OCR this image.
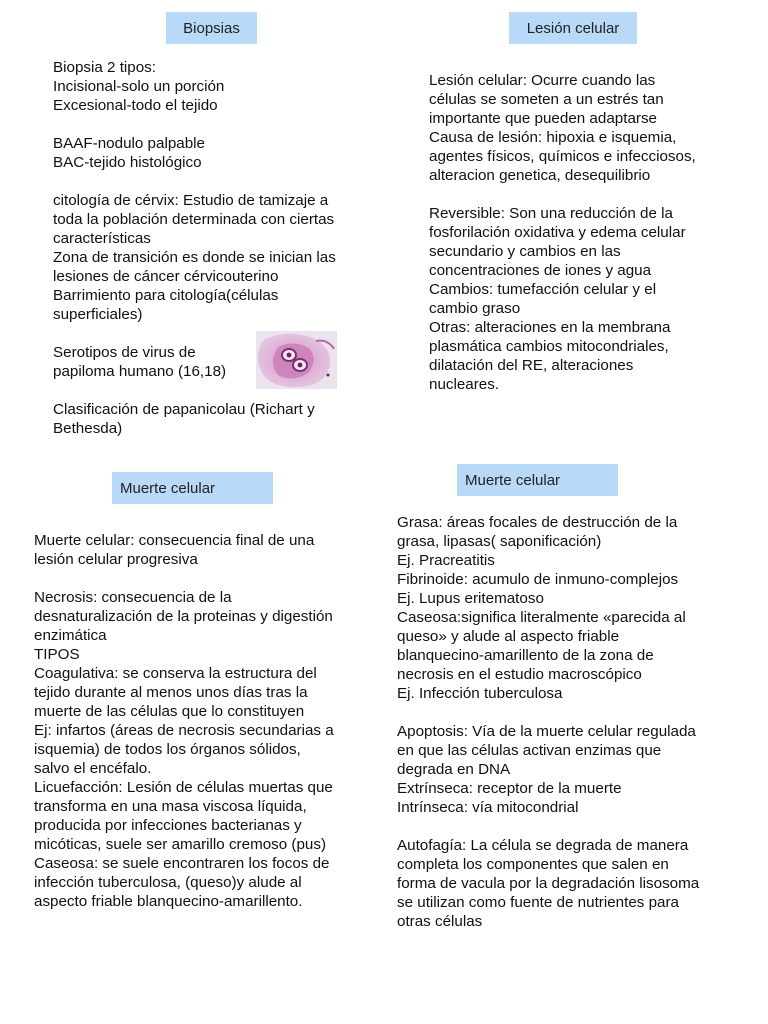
Biopsias	Lesión celular
Muerte celular	Muerte celular
Biopsia 2 tipos:
Incisional-solo un porción
Excesional-todo el tejido

BAAF-nodulo palpable
BAC-tejido histológico

citología de cérvix: Estudio de tamizaje a
toda la población determinada con ciertas
características
Zona de transición es donde se inician las
lesiones de cáncer cérvicouterino
Barrimiento para citología(células
superficiales)

Serotipos de virus de
papiloma humano (16,18)

Clasificación de papanicolau (Richart y
Bethesda)
Lesión celular: Ocurre cuando las
células se someten a un estrés tan
importante que pueden adaptarse
Causa de lesión: hipoxia e isquemia,
agentes físicos, químicos e infecciosos,
alteracion genetica, desequilibrio

Reversible: Son una reducción de la
fosforilación oxidativa y edema celular
secundario y cambios en las
concentraciones de iones y agua
Cambios: tumefacción celular y el
cambio graso
Otras: alteraciones en la membrana
plasmática cambios mitocondriales,
dilatación del RE, alteraciones
nucleares.
Muerte celular: consecuencia final de una
lesión celular progresiva

Necrosis: consecuencia de la
desnaturalización de la proteinas y digestión
enzimática
TIPOS
Coagulativa: se conserva la estructura del
tejido durante al menos unos días tras la
muerte de las células que lo constituyen
Ej: infartos (áreas de necrosis secundarias a
isquemia) de todos los órganos sólidos,
salvo el encéfalo.
Licuefacción: Lesión de células muertas que
transforma en una masa viscosa líquida,
producida por infecciones bacterianas y
micóticas, suele ser amarillo cremoso (pus)
Caseosa: se suele encontraren los focos de
infección tuberculosa, (queso)y alude al
aspecto friable blanquecino-amarillento.
Grasa: áreas focales de destrucción de la
grasa, lipasas( saponificación)
Ej. Pracreatitis
Fibrinoide: acumulo de inmuno-complejos
Ej. Lupus eritematoso
Caseosa:significa literalmente «parecida al
queso» y alude al aspecto friable
blanquecino-amarillento de la zona de
necrosis en el estudio macroscópico
Ej. Infección tuberculosa

Apoptosis: Vía de la muerte celular regulada
en que las células activan enzimas que
degrada en DNA
Extrínseca: receptor de la muerte
Intrínseca: vía mitocondrial

Autofagía: La célula se degrada de manera
completa los componentes que salen en
forma de vacula por la degradación lisosoma
se utilizan como fuente de nutrientes para
otras células
